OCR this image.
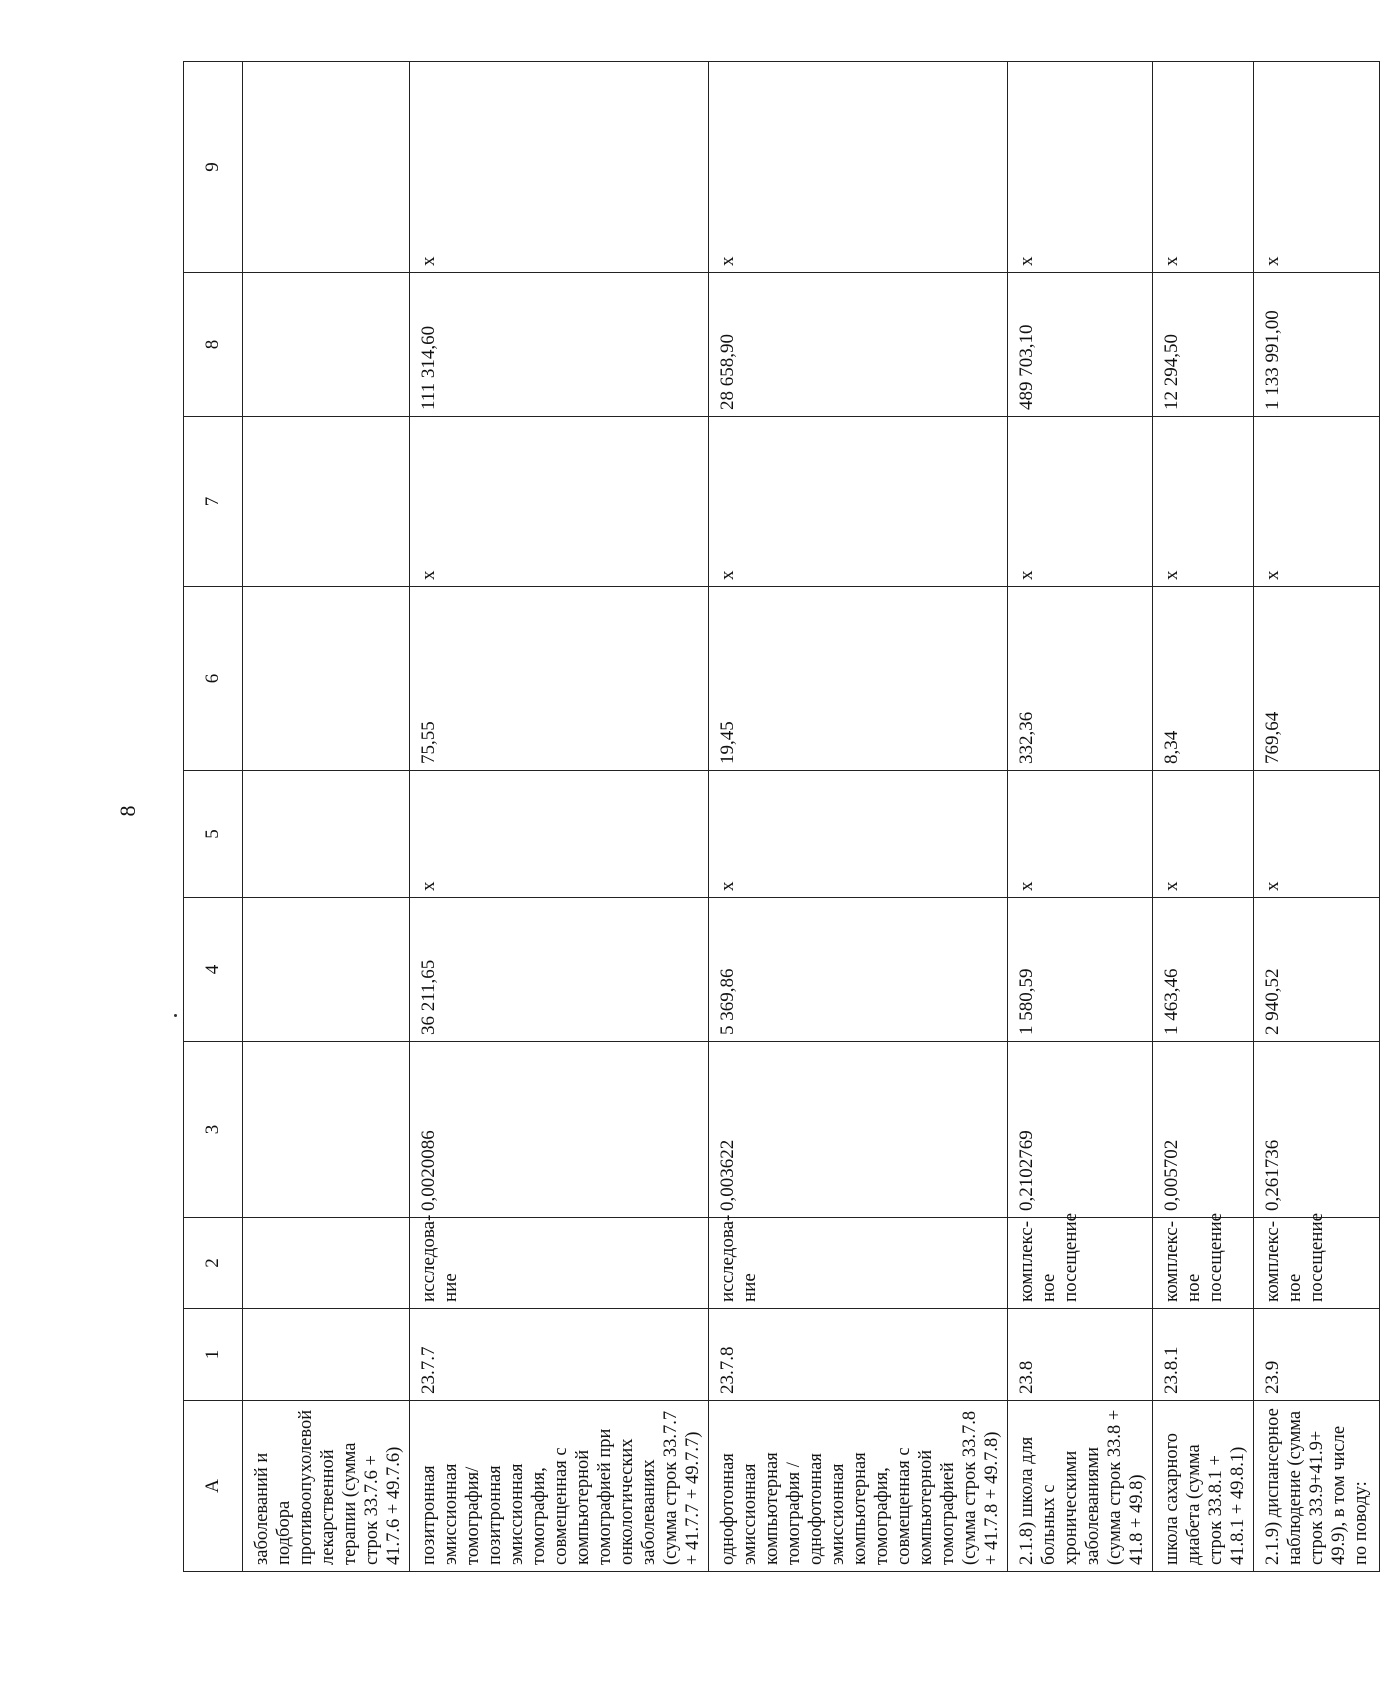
8
A	1	2	3	4	5	6	7	8	9
заболеваний и подбора противоопухолевой лекарственной терапии (сумма строк 33.7.6 + 41.7.6 + 49.7.6)									
позитронная эмиссионная томография/позитронная эмиссионная томография, совмещенная с компьютерной томографией при онкологических заболеваниях (сумма строк 33.7.7 + 41.7.7 + 49.7.7)	23.7.7	исследова-ние	0,0020086	36 211,65	х	75,55	х	111 314,60	х
однофотонная эмиссионная компьютерная томография / однофотонная эмиссионная компьютерная томография, совмещенная с компьютерной томографией (сумма строк 33.7.8 + 41.7.8 + 49.7.8)	23.7.8	исследова-ние	0,003622	5 369,86	х	19,45	х	28 658,90	х
2.1.8) школа для больных с хроническими заболеваниями (сумма строк 33.8 + 41.8 + 49.8)	23.8	комплекс-ное посещение	0,2102769	1 580,59	х	332,36	х	489 703,10	х
школа сахарного диабета (сумма строк 33.8.1 + 41.8.1 + 49.8.1)	23.8.1	комплекс-ное посещение	0,005702	1 463,46	х	8,34	х	12 294,50	х
2.1.9) диспансерное наблюдение (сумма строк 33.9+41.9+ 49.9), в том числе по поводу:	23.9	комплекс-ное посещение	0,261736	2 940,52	х	769,64	х	1 133 991,00	х
